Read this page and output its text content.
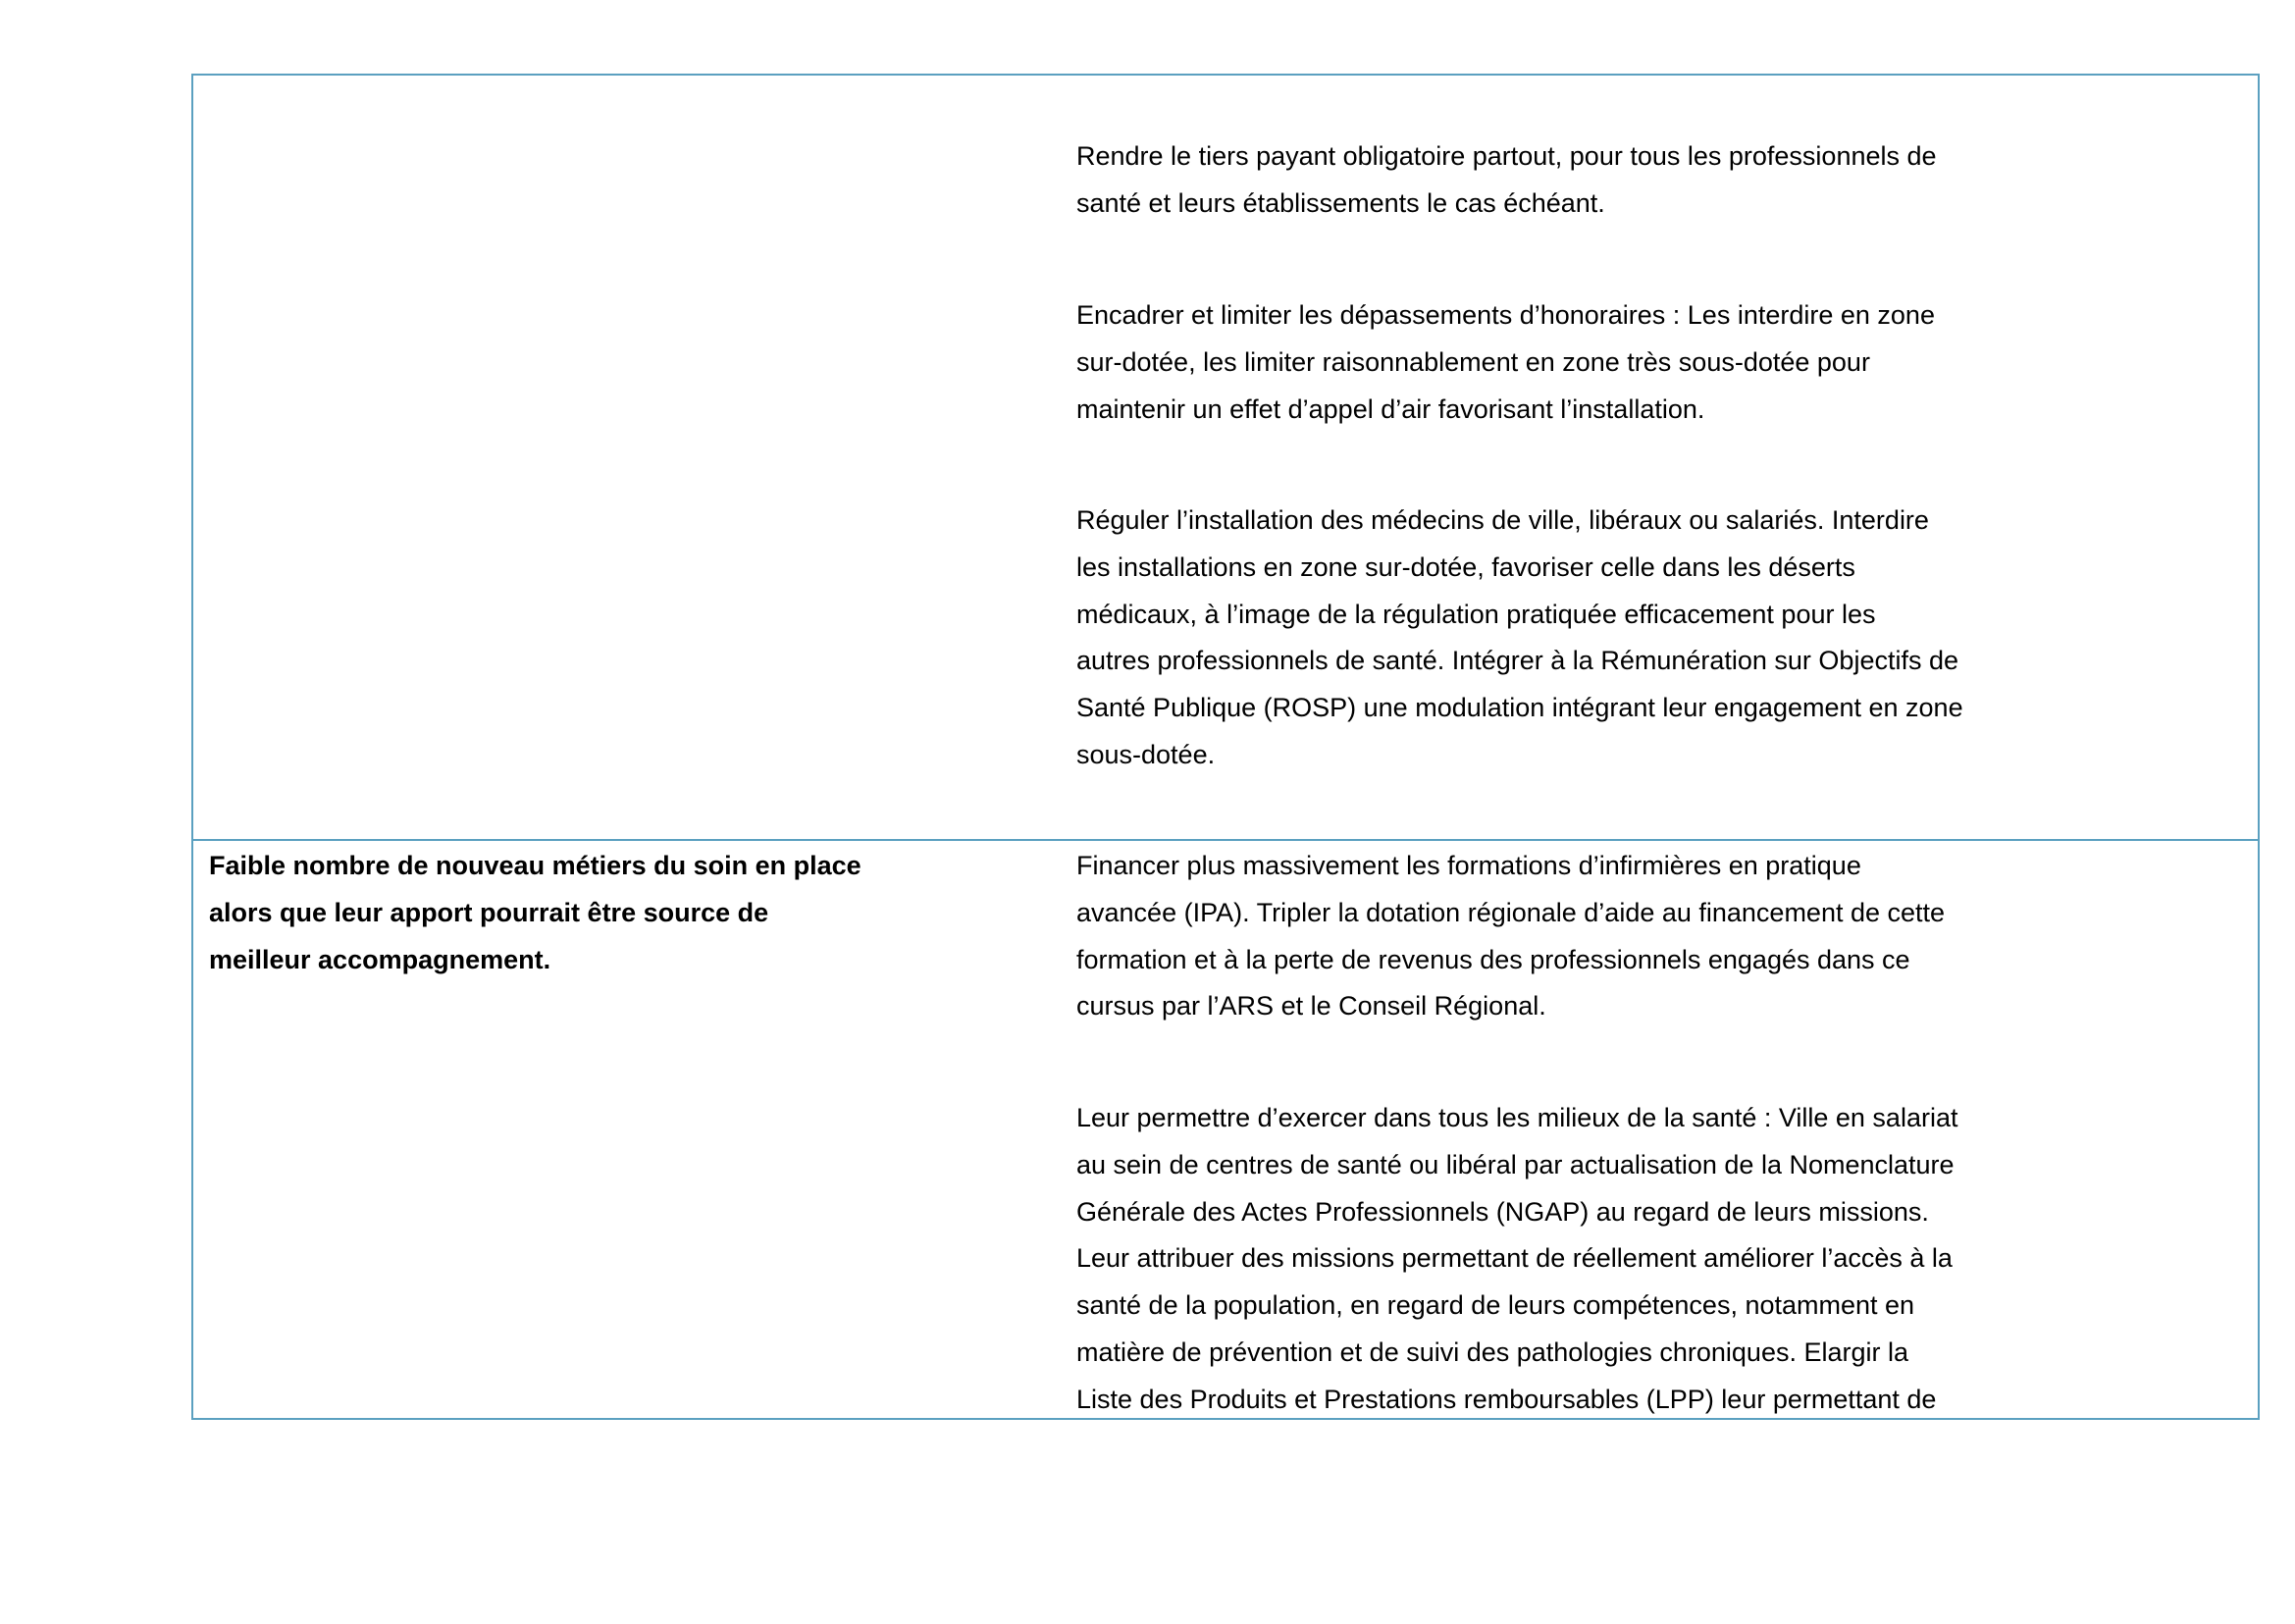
Rendre le tiers payant obligatoire partout, pour tous les professionnels de
santé et leurs établissements le cas échéant.

Encadrer et limiter les dépassements d’honoraires : Les interdire en zone
sur-dotée, les limiter raisonnablement en zone très sous-dotée pour
maintenir un effet d’appel d’air favorisant l’installation.

Réguler l’installation des médecins de ville, libéraux ou salariés. Interdire
les installations en zone sur-dotée, favoriser celle dans les déserts
médicaux, à l’image de la régulation pratiquée efficacement pour les
autres professionnels de santé. Intégrer à la Rémunération sur Objectifs de
Santé Publique (ROSP) une modulation intégrant leur engagement en zone
sous-dotée.

Faible nombre de nouveau métiers du soin en place
alors que leur apport pourrait être source de
meilleur accompagnement.

Financer plus massivement les formations d’infirmières en pratique
avancée (IPA). Tripler la dotation régionale d’aide au financement de cette
formation et à la perte de revenus des professionnels engagés dans ce
cursus par l’ARS et le Conseil Régional.

Leur permettre d’exercer dans tous les milieux de la santé : Ville en salariat
au sein de centres de santé ou libéral par actualisation de la Nomenclature
Générale des Actes Professionnels (NGAP) au regard de leurs missions.
Leur attribuer des missions permettant de réellement améliorer l’accès à la
santé de la population, en regard de leurs compétences, notamment en
matière de prévention et de suivi des pathologies chroniques. Elargir la
Liste des Produits et Prestations remboursables (LPP) leur permettant de
